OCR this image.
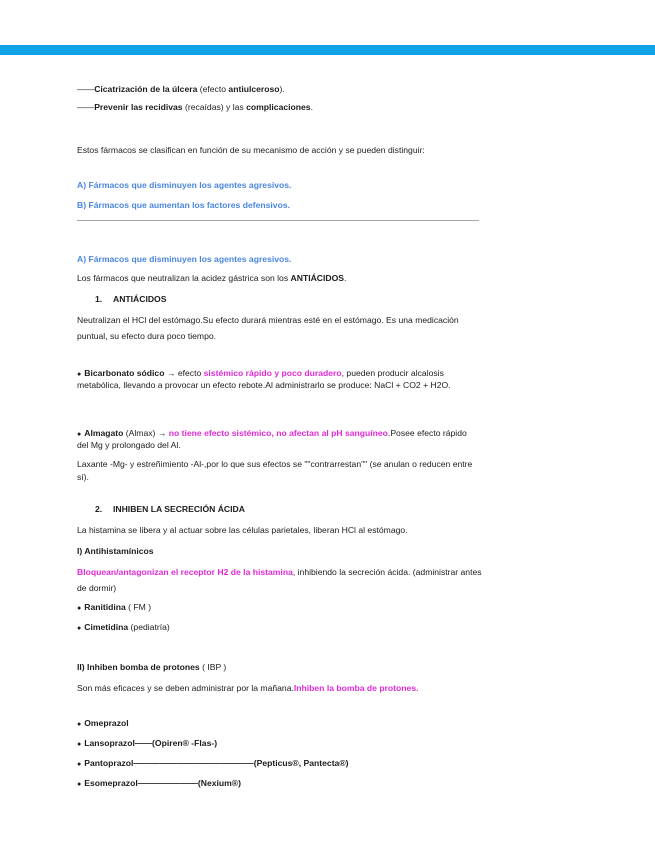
——Cicatrización de la úlcera (efecto antiulceroso).

——Prevenir las recidivas (recaídas) y las complicaciones.

Estos fármacos se clasifican en función de su mecanismo de acción y se pueden distinguir:

A) Fármacos que disminuyen los agentes agresivos.

B) Fármacos que aumentan los factores defensivos.

A) Fármacos que disminuyen los agentes agresivos.

Los fármacos que neutralizan la acidez gástrica son los ANTIÁCIDOS.

1. ANTIÁCIDOS

Neutralizan el HCl del estómago.Su efecto durará mientras esté en el estómago. Es una medicación puntual, su efecto dura poco tiempo.

● Bicarbonato sódico → efecto sistémico rápido y poco duradero, pueden producir alcalosis metabólica, llevando a provocar un efecto rebote.Al administrarlo se produce: NaCl + CO2 + H2O.

● Almagato (Almax) → no tiene efecto sistémico, no afectan al pH sanguíneo.Posee efecto rápido del Mg y prolongado del Al.

Laxante -Mg- y estreñimiento -Al-,por lo que sus efectos se ""contrarrestan"" (se anulan o reducen entre sí).

2. INHIBEN LA SECRECIÓN ÁCIDA

La histamina se libera y al actuar sobre las células parietales, liberan HCl al estómago.

I) Antihistamínicos

Bloquean/antagonizan el receptor H2 de la histamina, inhibiendo la secreción ácida. (administrar antes de dormir)

● Ranitidina ( FM )

● Cimetidina (pediatría)

II) Inhiben bomba de protones ( IBP )

Son más eficaces y se deben administrar por la mañana.Inhiben la bomba de protones.

● Omeprazol

● Lansoprazol——(Opiren® -Flas-)

● Pantoprazol——————————————(Pepticus®, Pantecta®)

● Esomeprazol———————(Nexium®)
